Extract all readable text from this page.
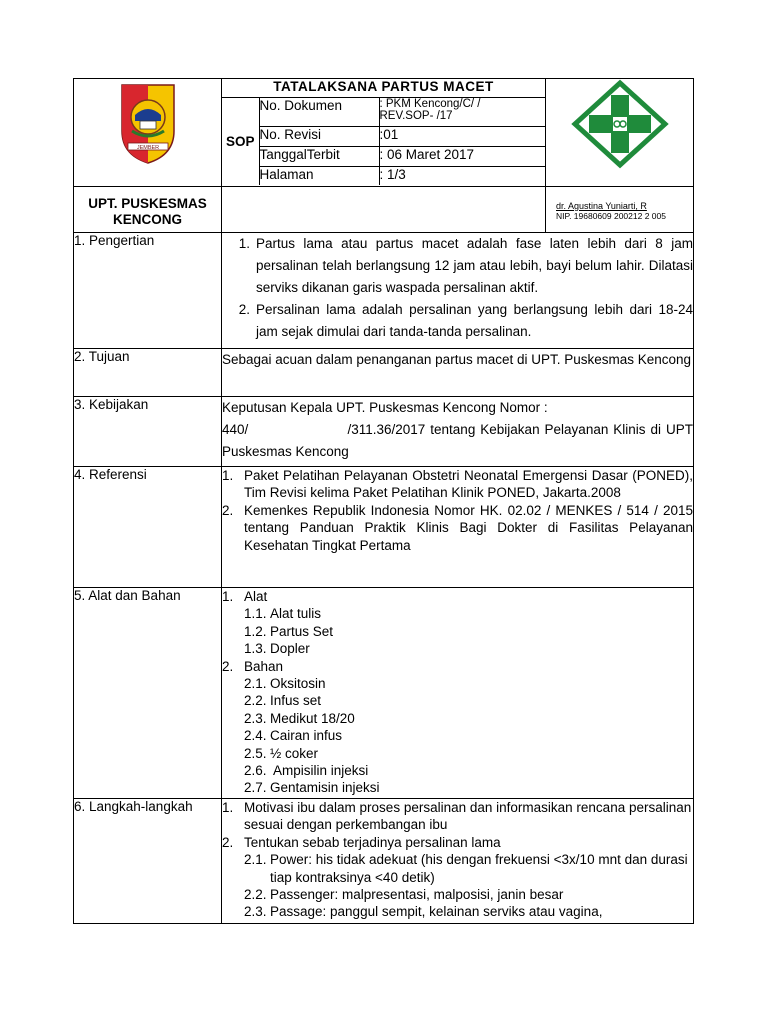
JEMBER

TATALAKSANA PARTUS MACET
SOP	No. Dokumen	: PKM Kencong/C/ /
REV.SOP- /17
No. Revisi	:01
TanggalTerbit	: 06 Maret 2017
Halaman	: 1/3

UPT. PUSKESMAS KENCONG		
dr. Agustina Yuniarti, R
NIP. 19680609 200212 2 005

1. Pengertian	1. Partus lama atau partus macet adalah fase laten lebih dari 8 jam persalinan telah berlangsung 12 jam atau lebih, bayi belum lahir. Dilatasi serviks dikanan garis waspada persalinan aktif.
2. Persalinan lama adalah persalinan yang berlangsung lebih dari 18-24 jam sejak dimulai dari tanda-tanda persalinan.

2. Tujuan	Sebagai acuan dalam penanganan partus macet di UPT. Puskesmas Kencong
3. Kebijakan	Keputusan Kepala UPT. Puskesmas Kencong Nomor :
440/                    /311.36/2017 tentang Kebijakan Pelayanan Klinis di UPT Puskesmas Kencong

4. Referensi	1. Paket Pelatihan Pelayanan Obstetri Neonatal Emergensi Dasar (PONED), Tim Revisi kelima Paket Pelatihan Klinik PONED, Jakarta.2008
2. Kemenkes Republik Indonesia Nomor HK. 02.02 / MENKES / 514 / 2015 tentang Panduan Praktik Klinis Bagi Dokter di Fasilitas Pelayanan Kesehatan Tingkat Pertama

5. Alat dan Bahan	1. Alat
1.1. Alat tulis
1.2. Partus Set
1.3. Dopler
2. Bahan
2.1. Oksitosin
2.2. Infus set
2.3. Medikut 18/20
2.4. Cairan infus
2.5. ½ coker
2.6. Ampisilin injeksi
2.7. Gentamisin injeksi

6. Langkah-langkah	1. Motivasi ibu dalam proses persalinan dan informasikan rencana persalinan sesuai dengan perkembangan ibu
2. Tentukan sebab terjadinya persalinan lama
2.1. Power: his tidak adekuat (his dengan frekuensi <3x/10 mnt dan durasi tiap kontraksinya <40 detik)
2.2. Passenger: malpresentasi, malposisi, janin besar
2.3. Passage: panggul sempit, kelainan serviks atau vagina,
